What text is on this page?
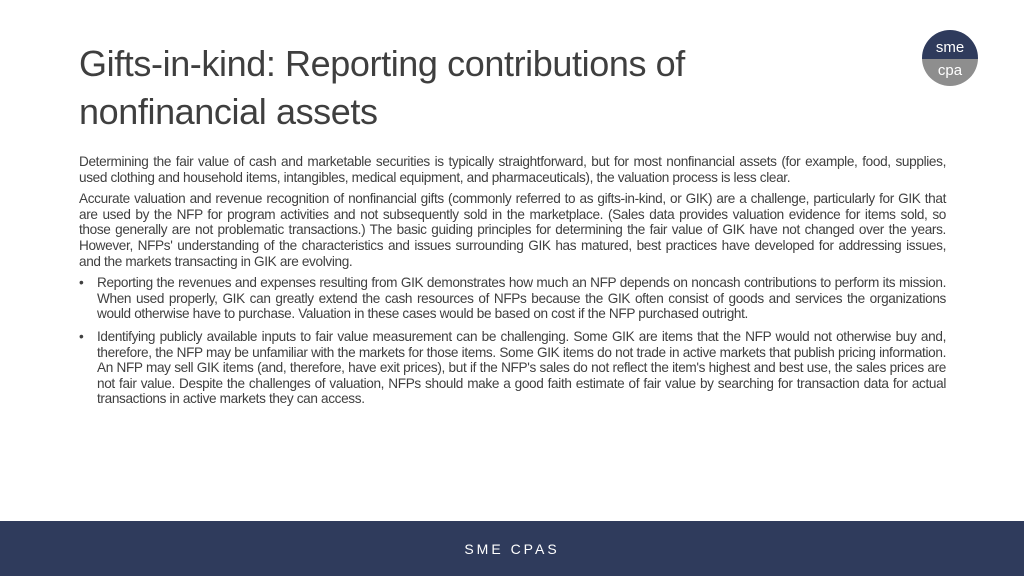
Gifts-in-kind: Reporting contributions of nonfinancial assets
sme
cpa

Determining the fair value of cash and marketable securities is typically straightforward, but for most nonfinancial assets (for example, food, supplies, used clothing and household items, intangibles, medical equipment, and pharmaceuticals), the valuation process is less clear.

Accurate valuation and revenue recognition of nonfinancial gifts (commonly referred to as gifts-in-kind, or GIK) are a challenge, particularly for GIK that are used by the NFP for program activities and not subsequently sold in the marketplace. (Sales data provides valuation evidence for items sold, so those generally are not problematic transactions.) The basic guiding principles for determining the fair value of GIK have not changed over the years. However, NFPs' understanding of the characteristics and issues surrounding GIK has matured, best practices have developed for addressing issues, and the markets transacting in GIK are evolving.

• Reporting the revenues and expenses resulting from GIK demonstrates how much an NFP depends on noncash contributions to perform its mission. When used properly, GIK can greatly extend the cash resources of NFPs because the GIK often consist of goods and services the organizations would otherwise have to purchase. Valuation in these cases would be based on cost if the NFP purchased outright.
• Identifying publicly available inputs to fair value measurement can be challenging. Some GIK are items that the NFP would not otherwise buy and, therefore, the NFP may be unfamiliar with the markets for those items. Some GIK items do not trade in active markets that publish pricing information. An NFP may sell GIK items (and, therefore, have exit prices), but if the NFP's sales do not reflect the item's highest and best use, the sales prices are not fair value. Despite the challenges of valuation, NFPs should make a good faith estimate of fair value by searching for transaction data for actual transactions in active markets they can access.
SME CPAS
